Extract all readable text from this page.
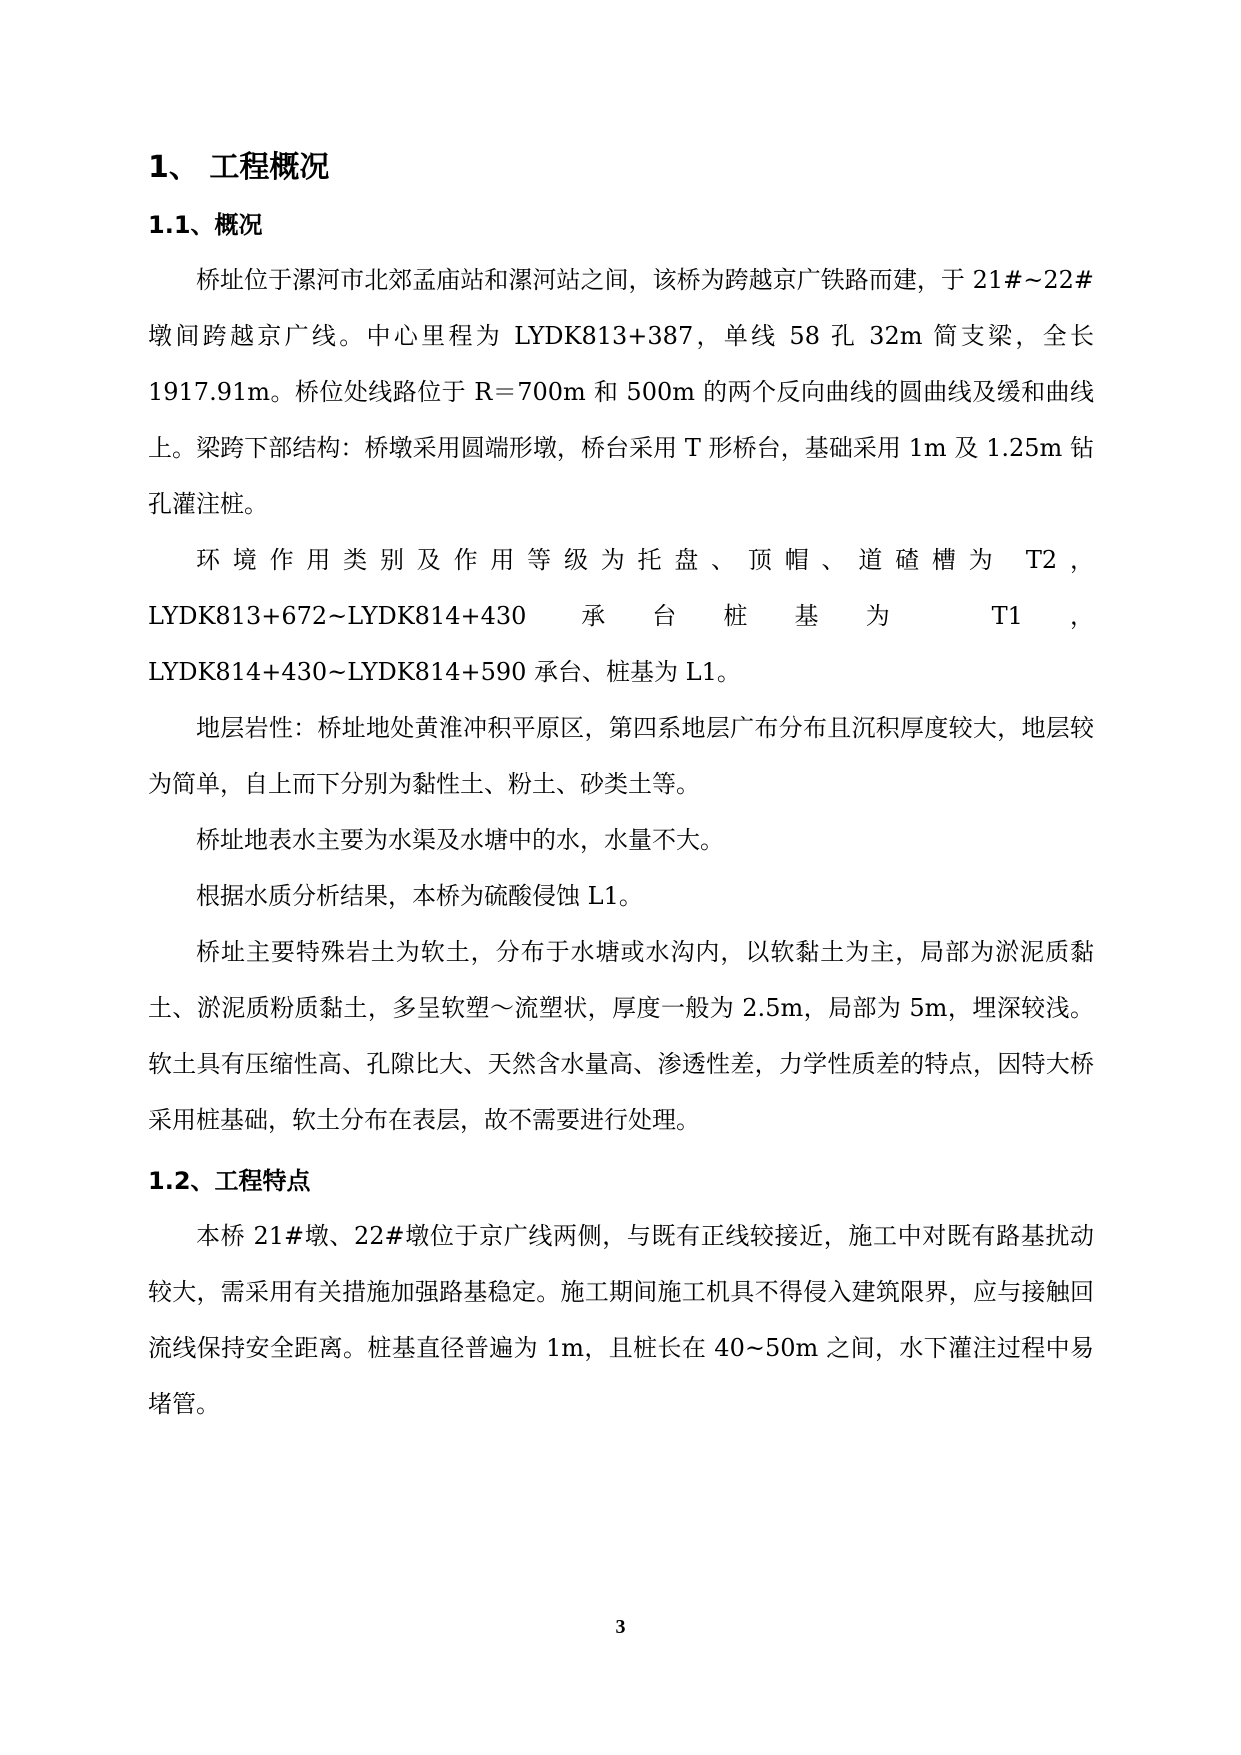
1、 工程概况
1.1、概况

桥址位于漯河市北郊孟庙站和漯河站之间，该桥为跨越京广铁路而建，于 21#~22#墩间跨越京广线。中心里程为 LYDK813+387，单线 58 孔 32m 简支梁，全长 1917.91m。桥位处线路位于 R＝700m 和 500m 的两个反向曲线的圆曲线及缓和曲线上。梁跨下部结构：桥墩采用圆端形墩，桥台采用 T 形桥台，基础采用 1m 及 1.25m 钻孔灌注桩。

环境作用类别及作用等级为托盘、顶帽、道碴槽为 T2，LYDK813+672~LYDK814+430 承台桩基为 T1，LYDK814+430~LYDK814+590 承台、桩基为 L1。

地层岩性：桥址地处黄淮冲积平原区，第四系地层广布分布且沉积厚度较大，地层较为简单，自上而下分别为黏性土、粉土、砂类土等。

桥址地表水主要为水渠及水塘中的水，水量不大。

根据水质分析结果，本桥为硫酸侵蚀 L1。

桥址主要特殊岩土为软土，分布于水塘或水沟内，以软黏土为主，局部为淤泥质黏土、淤泥质粉质黏土，多呈软塑～流塑状，厚度一般为 2.5m，局部为 5m，埋深较浅。软土具有压缩性高、孔隙比大、天然含水量高、渗透性差，力学性质差的特点，因特大桥采用桩基础，软土分布在表层，故不需要进行处理。

1.2、工程特点

本桥 21#墩、22#墩位于京广线两侧，与既有正线较接近，施工中对既有路基扰动较大，需采用有关措施加强路基稳定。施工期间施工机具不得侵入建筑限界，应与接触回流线保持安全距离。桩基直径普遍为 1m，且桩长在 40~50m 之间，水下灌注过程中易堵管。

3
